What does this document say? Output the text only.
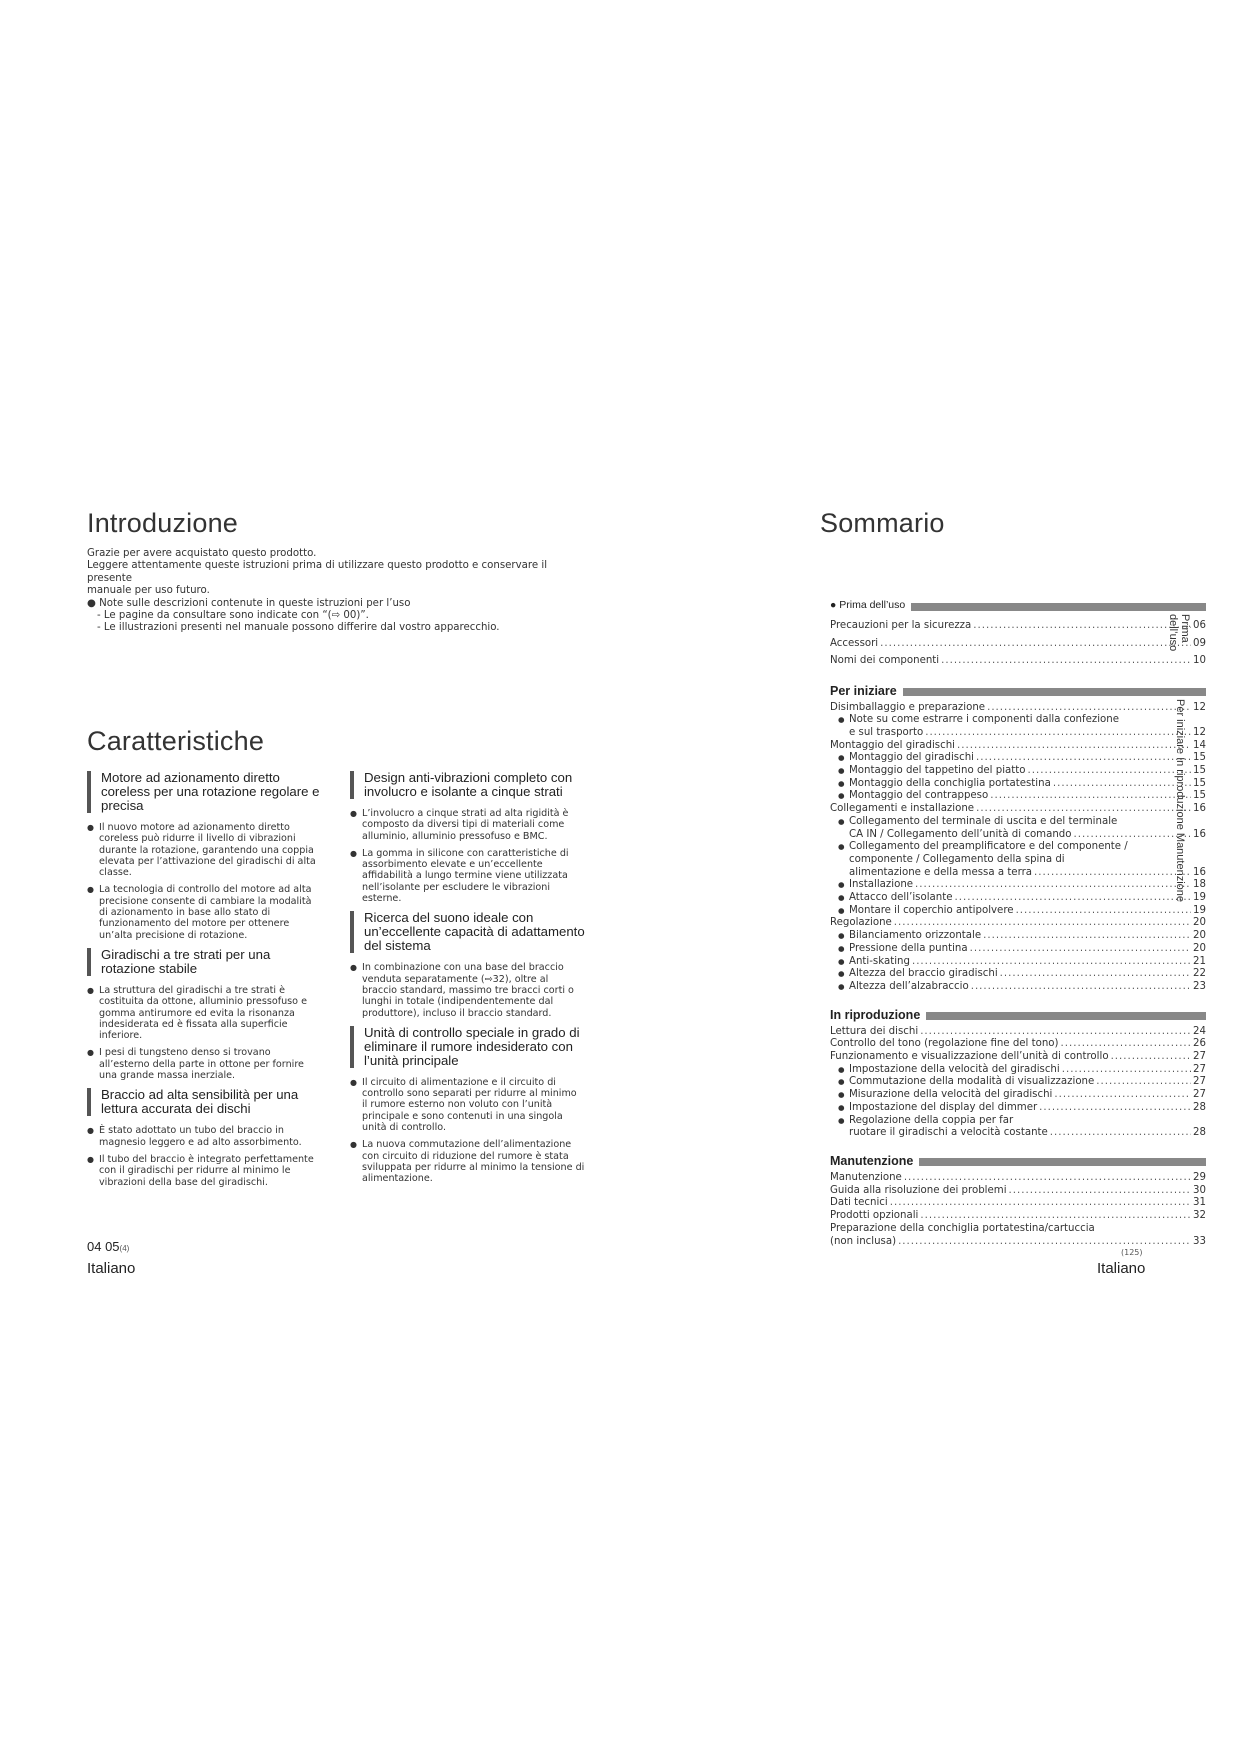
Introduzione

Grazie per avere acquistato questo prodotto.

Leggere attentamente queste istruzioni prima di utilizzare questo prodotto e conservare il presente

manuale per uso futuro.

● Note sulle descrizioni contenute in queste istruzioni per l’uso

- Le pagine da consultare sono indicate con “(⇨ 00)”.

- Le illustrazioni presenti nel manuale possono differire dal vostro apparecchio.

Caratteristiche
Motore ad azionamento diretto coreless per una rotazione regolare e precisa
● Il nuovo motore ad azionamento diretto coreless può ridurre il livello di vibrazioni durante la rotazione, garantendo una coppia elevata per l’attivazione del giradischi di alta classe.
● La tecnologia di controllo del motore ad alta precisione consente di cambiare la modalità di azionamento in base allo stato di funzionamento del motore per ottenere un’alta precisione di rotazione.
Giradischi a tre strati per una rotazione stabile
● La struttura del giradischi a tre strati è costituita da ottone, alluminio pressofuso e gomma antirumore ed evita la risonanza indesiderata ed è fissata alla superficie inferiore.
● I pesi di tungsteno denso si trovano all’esterno della parte in ottone per fornire una grande massa inerziale.
Braccio ad alta sensibilità per una lettura accurata dei dischi
● È stato adottato un tubo del braccio in magnesio leggero e ad alto assorbimento.
● Il tubo del braccio è integrato perfettamente con il giradischi per ridurre al minimo le vibrazioni della base del giradischi.
Design anti-vibrazioni completo con involucro e isolante a cinque strati
● L’involucro a cinque strati ad alta rigidità è composto da diversi tipi di materiali come alluminio, alluminio pressofuso e BMC.
● La gomma in silicone con caratteristiche di assorbimento elevate e un’eccellente affidabilità a lungo termine viene utilizzata nell’isolante per escludere le vibrazioni esterne.
Ricerca del suono ideale con un’eccellente capacità di adattamento del sistema
● In combinazione con una base del braccio venduta separatamente (⇨32), oltre al braccio standard, massimo tre bracci corti o lunghi in totale (indipendentemente dal produttore), incluso il braccio standard.
Unità di controllo speciale in grado di eliminare il rumore indesiderato con l’unità principale
● Il circuito di alimentazione e il circuito di controllo sono separati per ridurre al minimo il rumore esterno non voluto con l’unità principale e sono contenuti in una singola unità di controllo.
● La nuova commutazione dell’alimentazione con circuito di riduzione del rumore è stata sviluppata per ridurre al minimo la tensione di alimentazione.
04 05(4)
Italiano
Sommario
● Prima dell’uso
Precauzioni per la sicurezza .....	06
Accessori .....	09
Nomi dei componenti .....	10
Per iniziare
Disimballaggio e preparazione .....	12
Note su come estrarre i componenti dalla confezione
●
e sul trasporto .....	12
Montaggio del giradischi .....	14
● Montaggio del giradischi .....	15
● Montaggio del tappetino del piatto .....	15
● Montaggio della conchiglia portatestina .....	15
● Montaggio del contrappeso .....	15
Collegamenti e installazione .....	16
Collegamento del terminale di uscita e del terminale
●
CA IN / Collegamento dell’unità di comando .....	16
Collegamento del preamplificatore e del componente /
●
componente / Collegamento della spina di
alimentazione e della messa a terra .....	16
● Installazione .....	18
● Attacco dell’isolante .....	19
● Montare il coperchio antipolvere .....	19
Regolazione .....	20
● Bilanciamento orizzontale .....	20
● Pressione della puntina .....	20
● Anti-skating .....	21
● Altezza del braccio giradischi .....	22
● Altezza dell’alzabraccio .....	23
In riproduzione
Lettura dei dischi .....	24
Controllo del tono (regolazione fine del tono) .....	26
Funzionamento e visualizzazione dell’unità di controllo .....	27
● Impostazione della velocità del giradischi .....	27
● Commutazione della modalità di visualizzazione .....	27
● Misurazione della velocità del giradischi .....	27
● Impostazione del display del dimmer .....	28
Regolazione della coppia per far
●
ruotare il giradischi a velocità costante .....	28
Manutenzione
Manutenzione .....	29
Guida alla risoluzione dei problemi .....	30
Dati tecnici .....	31
Prodotti opzionali .....	32
Preparazione della conchiglia portatestina/cartuccia
(non inclusa) .....	33
Prima
dell’uso
Per iniziare In riproduzione Manutenzione
(125)
Italiano
